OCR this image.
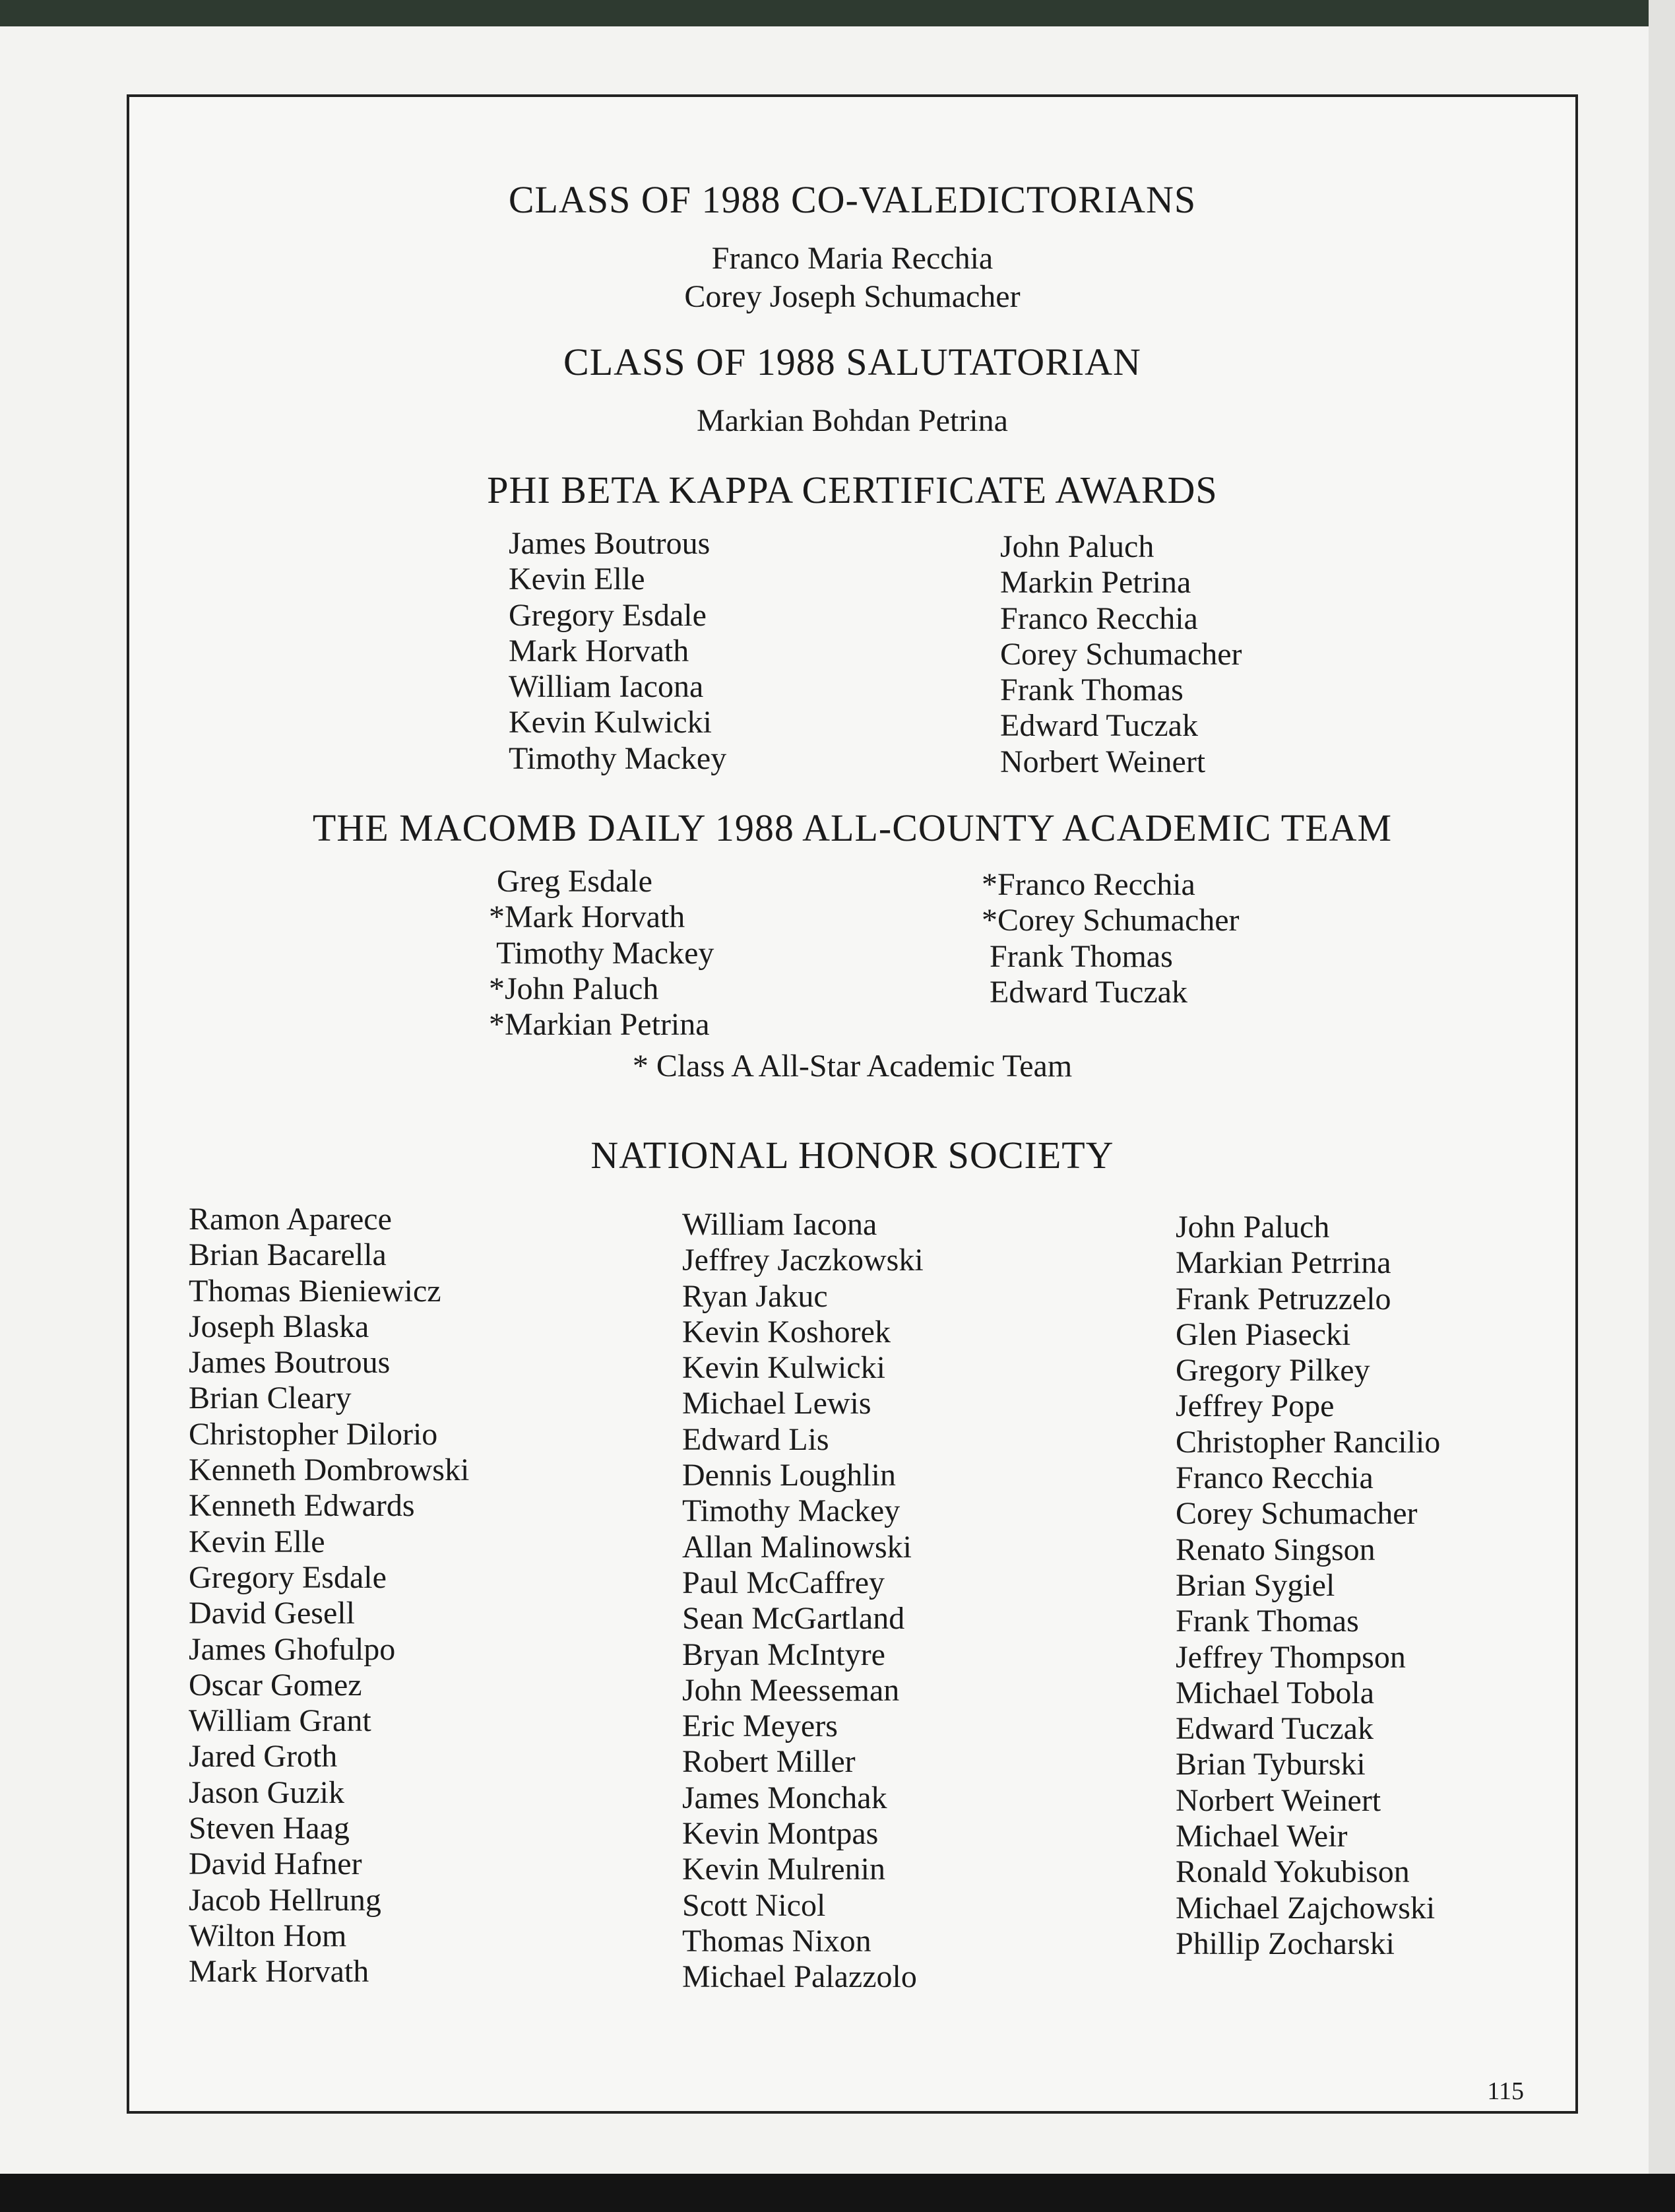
CLASS OF 1988 CO-VALEDICTORIANS
Franco Maria Recchia
Corey Joseph Schumacher
CLASS OF 1988 SALUTATORIAN
Markian Bohdan Petrina
PHI BETA KAPPA CERTIFICATE AWARDS
James Boutrous
Kevin Elle
Gregory Esdale
Mark Horvath
William Iacona
Kevin Kulwicki
Timothy Mackey
John Paluch
Markin Petrina
Franco Recchia
Corey Schumacher
Frank Thomas
Edward Tuczak
Norbert Weinert
THE MACOMB DAILY 1988 ALL-COUNTY ACADEMIC TEAM
Greg Esdale
*Mark Horvath
Timothy Mackey
*John Paluch
*Markian Petrina
*Franco Recchia
*Corey Schumacher
Frank Thomas
Edward Tuczak
* Class A All-Star Academic Team
NATIONAL HONOR SOCIETY
Ramon Aparece
Brian Bacarella
Thomas Bieniewicz
Joseph Blaska
James Boutrous
Brian Cleary
Christopher Dilorio
Kenneth Dombrowski
Kenneth Edwards
Kevin Elle
Gregory Esdale
David Gesell
James Ghofulpo
Oscar Gomez
William Grant
Jared Groth
Jason Guzik
Steven Haag
David Hafner
Jacob Hellrung
Wilton Hom
Mark Horvath
William Iacona
Jeffrey Jaczkowski
Ryan Jakuc
Kevin Koshorek
Kevin Kulwicki
Michael Lewis
Edward Lis
Dennis Loughlin
Timothy Mackey
Allan Malinowski
Paul McCaffrey
Sean McGartland
Bryan McIntyre
John Meesseman
Eric Meyers
Robert Miller
James Monchak
Kevin Montpas
Kevin Mulrenin
Scott Nicol
Thomas Nixon
Michael Palazzolo
John Paluch
Markian Petrrina
Frank Petruzzelo
Glen Piasecki
Gregory Pilkey
Jeffrey Pope
Christopher Rancilio
Franco Recchia
Corey Schumacher
Renato Singson
Brian Sygiel
Frank Thomas
Jeffrey Thompson
Michael Tobola
Edward Tuczak
Brian Tyburski
Norbert Weinert
Michael Weir
Ronald Yokubison
Michael Zajchowski
Phillip Zocharski
115
